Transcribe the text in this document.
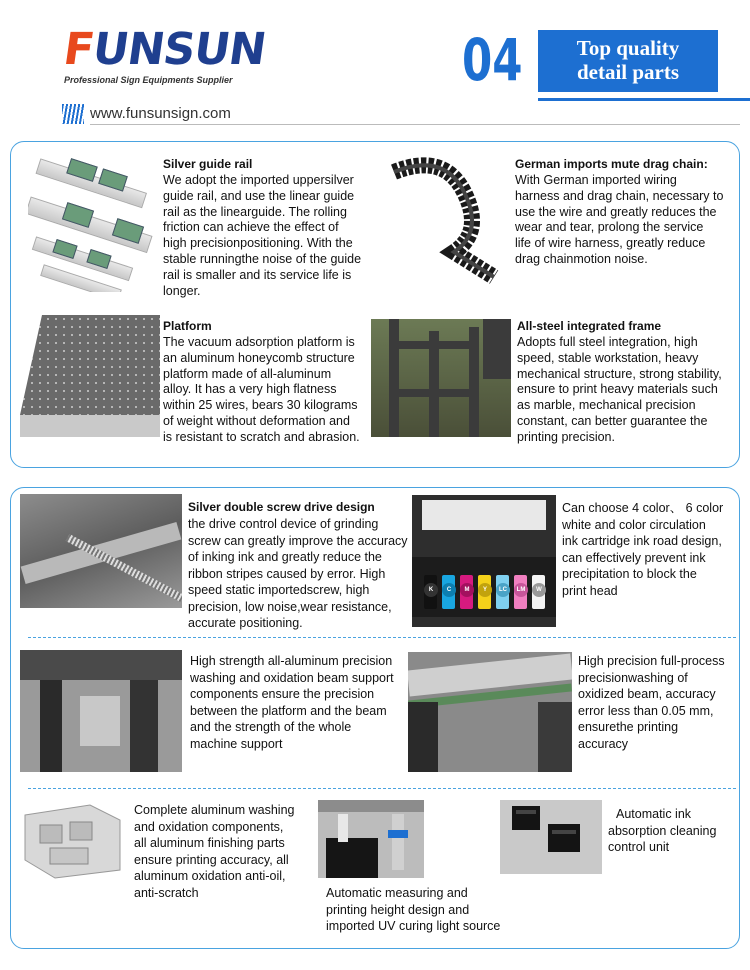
FUNSUN
Professional Sign Equipments Supplier	04	Top quality
detail parts
www.funsunsign.com
Silver guide rail
We adopt the imported uppersilver
guide rail, and use the linear guide
rail as the linearguide. The rolling
friction can achieve the effect of
high precisionpositioning. With the
stable runningthe noise of the guide
rail is smaller and its service life is
longer.
German imports mute drag chain:
With German imported wiring
harness and drag chain, necessary to
use the wire and greatly reduces the
wear and tear, prolong the service
life of wire harness, greatly reduce
drag chainmotion noise.
Platform
The vacuum adsorption platform is
an aluminum honeycomb structure
platform made of all-aluminum
alloy. It has a very high flatness
within 25 wires, bears 30 kilograms
of weight without deformation and
is resistant to scratch and abrasion.
All-steel integrated frame
Adopts full steel integration, high
speed, stable workstation, heavy
mechanical structure, strong stability,
ensure to print heavy materials such
as marble, mechanical precision
constant, can better guarantee the
printing precision.
Silver double screw drive design
the drive control device of grinding
screw can greatly improve the accuracy
of inking ink and greatly reduce the
ribbon stripes caused by error. High
speed static importedscrew, high
precision, low noise,wear resistance,
accurate positioning.
K	C	M	Y	LC	LM	W
Can choose 4 color、 6 color
white and color circulation
ink cartridge ink road design,
can effectively prevent ink
precipitation to block the
print head
High strength all-aluminum precision
washing and oxidation beam support
components ensure the precision
between the platform and the beam
and the strength of the whole
machine support
High precision full-process
precisionwashing of
oxidized beam, accuracy
error less than 0.05 mm,
ensurethe printing
accuracy
Complete aluminum washing
and oxidation components,
all aluminum finishing parts
ensure printing accuracy, all
aluminum oxidation anti-oil,
anti-scratch	Automatic measuring and
printing height design and
imported UV curing light source
Automatic ink
absorption cleaning
control unit
